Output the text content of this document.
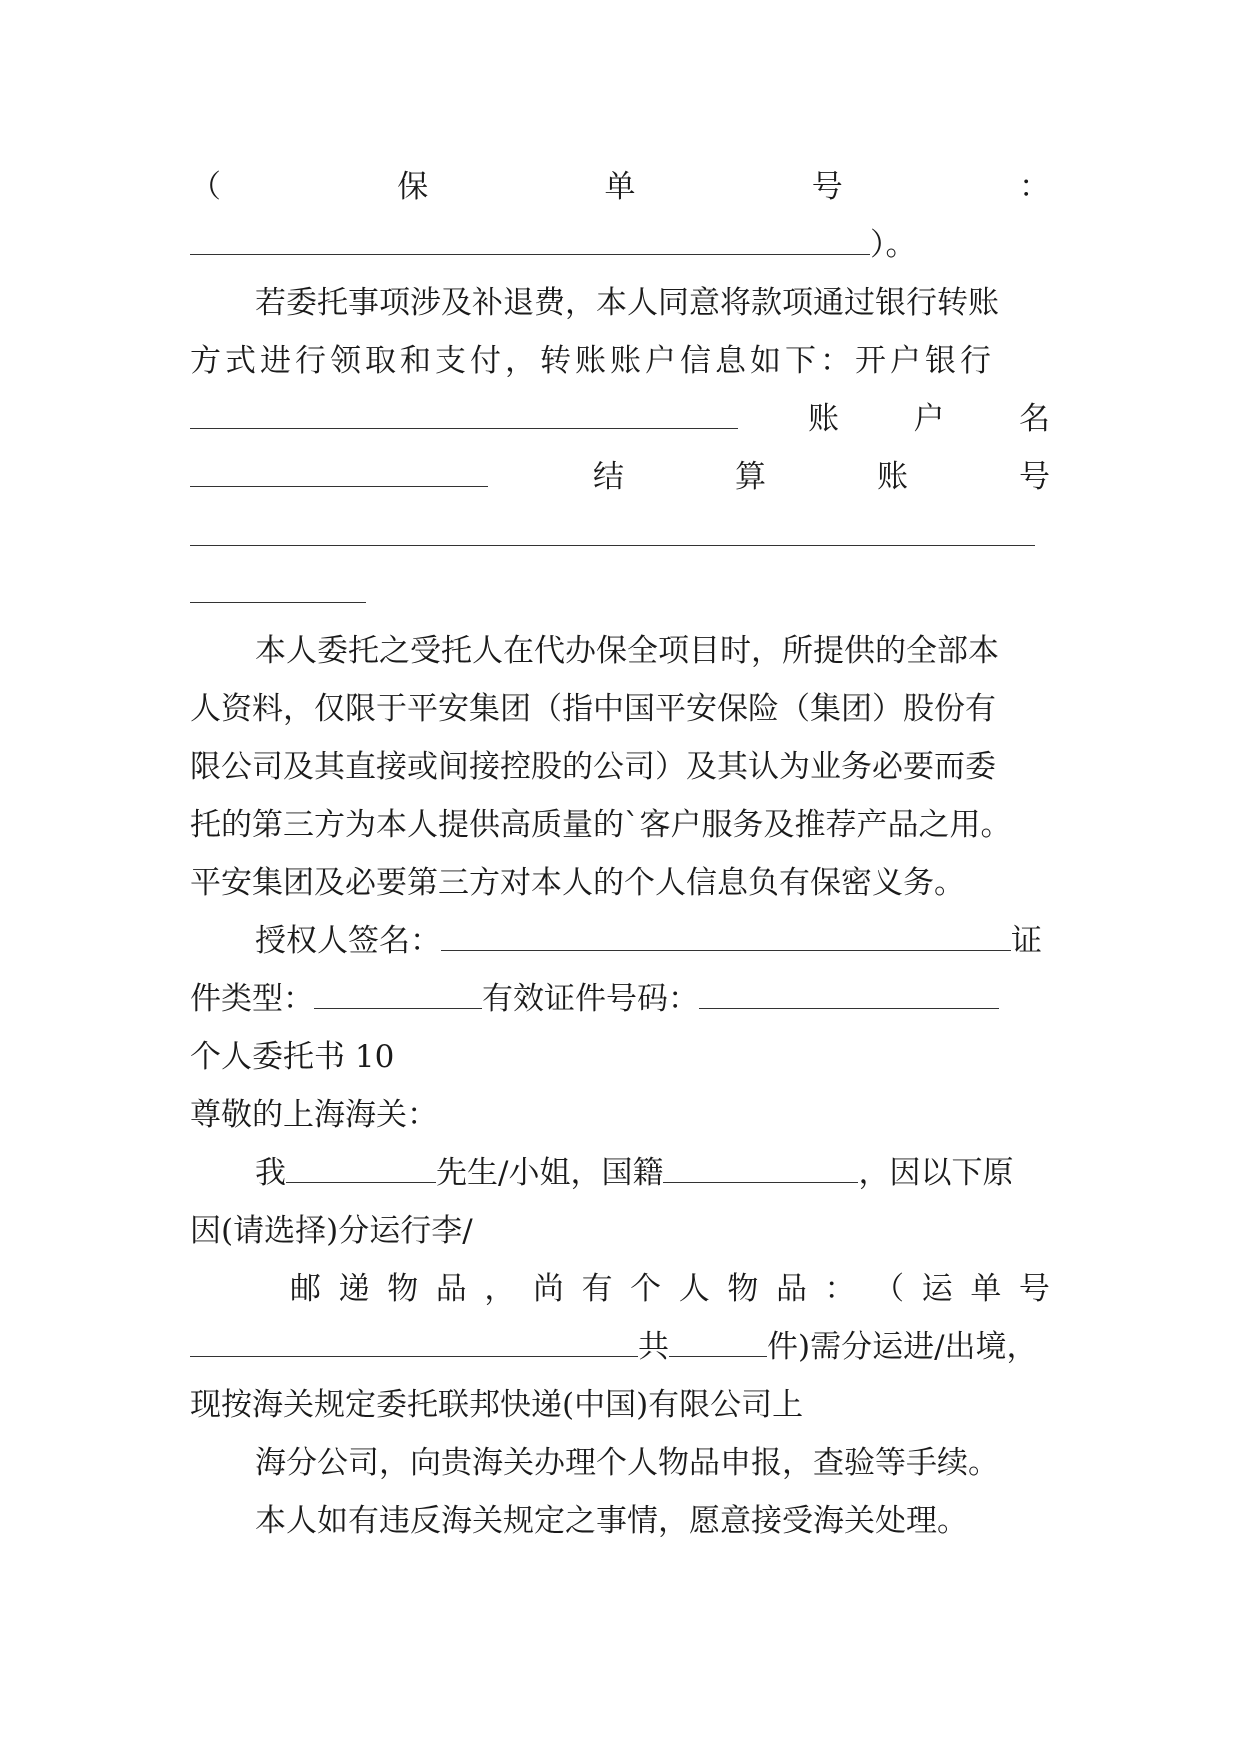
（	保	单	号	：
）。
若委托事项涉及补退费，本人同意将款项通过银行转账
方式进行领取和支付，转账账户信息如下：开户银行
账 户 名
结	算	账	号
本人委托之受托人在代办保全项目时，所提供的全部本
人资料，仅限于平安集团（指中国平安保险（集团）股份有
限公司及其直接或间接控股的公司）及其认为业务必要而委
托的第三方为本人提供高质量的`客户服务及推荐产品之用。
平安集团及必要第三方对本人的个人信息负有保密义务。
授权人签名：	证
件类型：	有效证件号码：
个人委托书 10
尊敬的上海海关：
我	先生/小姐，国籍	，因以下原
因(请选择)分运行李/
邮 递 物 品 ， 尚 有 个 人 物 品 ： （ 运 单 号
共	件)需分运进/出境，
现按海关规定委托联邦快递(中国)有限公司上
海分公司，向贵海关办理个人物品申报，查验等手续。
本人如有违反海关规定之事情，愿意接受海关处理。
